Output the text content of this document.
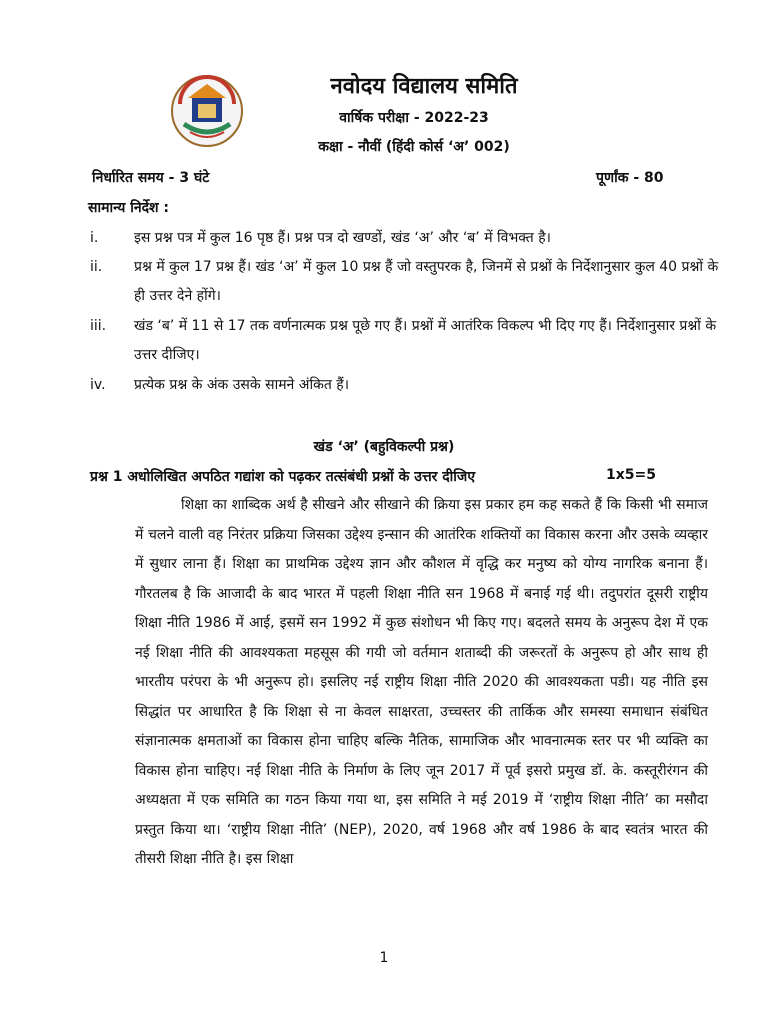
नवोदय विद्यालय समिति
वार्षिक परीक्षा - 2022-23
कक्षा - नौवीं (हिंदी कोर्स ‘अ’ 002)
निर्धारित समय - 3 घंटे	पूर्णांक - 80
सामान्य निर्देश :
i.	इस प्रश्न पत्र में कुल 16 पृष्ठ हैं। प्रश्न पत्र दो खण्डों, खंड ‘अ’ और ‘ब’ में विभक्त है।
ii.	प्रश्न में कुल 17 प्रश्न हैं। खंड ‘अ’ में कुल 10 प्रश्न हैं जो वस्तुपरक है, जिनमें से प्रश्नों के निर्देशानुसार कुल 40 प्रश्नों के ही उत्तर देने होंगे।
iii.	खंड ‘ब’ में 11 से 17 तक वर्णनात्मक प्रश्न पूछे गए हैं। प्रश्नों में आतंरिक विकल्प भी दिए गए हैं। निर्देशानुसार प्रश्नों के उत्तर दीजिए।
iv.	प्रत्येक प्रश्न के अंक उसके सामने अंकित हैं।
खंड ‘अ’ (बहुविकल्पी प्रश्न)
प्रश्न 1 अधोलिखित अपठित गद्यांश को पढ़कर तत्संबंधी प्रश्नों के उत्तर दीजिए	1x5=5
शिक्षा का शाब्दिक अर्थ है सीखने और सीखाने की क्रिया इस प्रकार हम कह सकते हैं कि किसी भी समाज में चलने वाली वह निरंतर प्रक्रिया जिसका उद्देश्य इन्सान की आतंरिक शक्तियों का विकास करना और उसके व्यव्हार में सुधार लाना हैं। शिक्षा का प्राथमिक उद्देश्य ज्ञान और कौशल में वृद्धि कर मनुष्य को योग्य नागरिक बनाना हैं। गौरतलब है कि आजादी के बाद भारत में पहली शिक्षा नीति सन 1968 में बनाई गई थी। तदुपरांत दूसरी राष्ट्रीय शिक्षा नीति 1986 में आई, इसमें सन 1992 में कुछ संशोधन भी किए गए। बदलते समय के अनुरूप देश में एक नई शिक्षा नीति की आवश्यकता महसूस की गयी जो वर्तमान शताब्दी की जरूरतों के अनुरूप हो और साथ ही भारतीय परंपरा के भी अनुरूप हो। इसलिए नई राष्ट्रीय शिक्षा नीति 2020 की आवश्यकता पडी। यह नीति इस सिद्धांत पर आधारित है कि शिक्षा से ना केवल साक्षरता, उच्चस्तर की तार्किक और समस्या समाधान संबंधित संज्ञानात्मक क्षमताओं का विकास होना चाहिए बल्कि नैतिक, सामाजिक और भावनात्मक स्तर पर भी व्यक्ति का विकास होना चाहिए। नई शिक्षा नीति के निर्माण के लिए जून 2017 में पूर्व इसरो प्रमुख डॉ. के. कस्तूरीरंगन की अध्यक्षता में एक समिति का गठन किया गया था, इस समिति ने मई 2019 में ‘राष्ट्रीय शिक्षा नीति’ का मसौदा प्रस्तुत किया था। ‘राष्ट्रीय शिक्षा नीति’ (NEP), 2020, वर्ष 1968 और वर्ष 1986 के बाद स्वतंत्र भारत की तीसरी शिक्षा नीति है। इस शिक्षा
1
